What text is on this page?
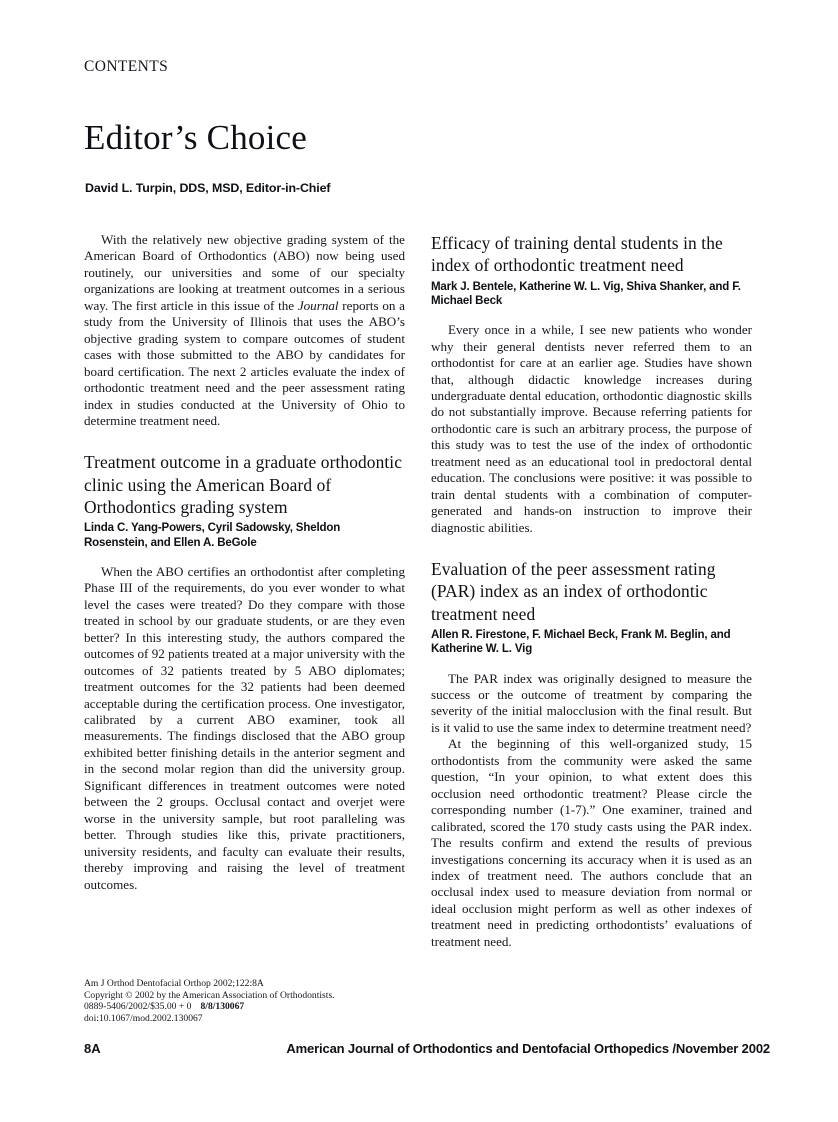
CONTENTS
Editor’s Choice
David L. Turpin, DDS, MSD, Editor-in-Chief

With the relatively new objective grading system of the American Board of Orthodontics (ABO) now being used routinely, our universities and some of our specialty organizations are looking at treatment outcomes in a serious way. The first article in this issue of the Journal reports on a study from the University of Illinois that uses the ABO’s objective grading system to compare outcomes of student cases with those submitted to the ABO by candidates for board certification. The next 2 articles evaluate the index of orthodontic treatment need and the peer assessment rating index in studies conducted at the University of Ohio to determine treatment need.

Treatment outcome in a graduate orthodontic clinic using the American Board of Orthodontics grading system
Linda C. Yang-Powers, Cyril Sadowsky, Sheldon Rosenstein, and Ellen A. BeGole

When the ABO certifies an orthodontist after completing Phase III of the requirements, do you ever wonder to what level the cases were treated? Do they compare with those treated in school by our graduate students, or are they even better? In this interesting study, the authors compared the outcomes of 92 patients treated at a major university with the outcomes of 32 patients treated by 5 ABO diplomates; treatment outcomes for the 32 patients had been deemed acceptable during the certification process. One investigator, calibrated by a current ABO examiner, took all measurements. The findings disclosed that the ABO group exhibited better finishing details in the anterior segment and in the second molar region than did the university group. Significant differences in treatment outcomes were noted between the 2 groups. Occlusal contact and overjet were worse in the university sample, but root paralleling was better. Through studies like this, private practitioners, university residents, and faculty can evaluate their results, thereby improving and raising the level of treatment outcomes.

Efficacy of training dental students in the index of orthodontic treatment need
Mark J. Bentele, Katherine W. L. Vig, Shiva Shanker, and F. Michael Beck

Every once in a while, I see new patients who wonder why their general dentists never referred them to an orthodontist for care at an earlier age. Studies have shown that, although didactic knowledge increases during undergraduate dental education, orthodontic diagnostic skills do not substantially improve. Because referring patients for orthodontic care is such an arbitrary process, the purpose of this study was to test the use of the index of orthodontic treatment need as an educational tool in predoctoral dental education. The conclusions were positive: it was possible to train dental students with a combination of computer-generated and hands-on instruction to improve their diagnostic abilities.

Evaluation of the peer assessment rating (PAR) index as an index of orthodontic treatment need
Allen R. Firestone, F. Michael Beck, Frank M. Beglin, and Katherine W. L. Vig

The PAR index was originally designed to measure the success or the outcome of treatment by comparing the severity of the initial malocclusion with the final result. But is it valid to use the same index to determine treatment need?

At the beginning of this well-organized study, 15 orthodontists from the community were asked the same question, “In your opinion, to what extent does this occlusion need orthodontic treatment? Please circle the corresponding number (1-7).” One examiner, trained and calibrated, scored the 170 study casts using the PAR index. The results confirm and extend the results of previous investigations concerning its accuracy when it is used as an index of treatment need. The authors conclude that an occlusal index used to measure deviation from normal or ideal occlusion might perform as well as other indexes of treatment need in predicting orthodontists’ evaluations of treatment need.

Am J Orthod Dentofacial Orthop 2002;122:8A
Copyright © 2002 by the American Association of Orthodontists.
0889-5406/2002/$35.00 + 0 8/8/130067
doi:10.1067/mod.2002.130067
8A	American Journal of Orthodontics and Dentofacial Orthopedics /November 2002
